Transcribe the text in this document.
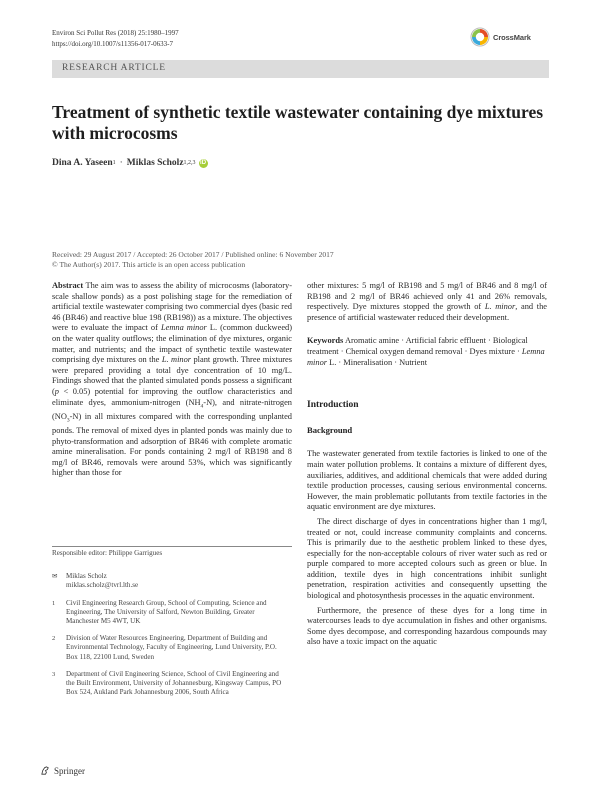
Environ Sci Pollut Res (2018) 25:1980–1997
https://doi.org/10.1007/s11356-017-0633-7
CrossMark
RESEARCH ARTICLE
Treatment of synthetic textile wastewater containing dye mixtures with microcosms
Dina A. Yaseen 1 · Miklas Scholz 1,2,3 iD
Received: 29 August 2017 / Accepted: 26 October 2017 / Published online: 6 November 2017
© The Author(s) 2017. This article is an open access publication

Abstract The aim was to assess the ability of microcosms (laboratory-scale shallow ponds) as a post polishing stage for the remediation of artificial textile wastewater comprising two commercial dyes (basic red 46 (BR46) and reactive blue 198 (RB198)) as a mixture. The objectives were to evaluate the impact of Lemna minor L. (common duckweed) on the water quality outflows; the elimination of dye mixtures, organic matter, and nutrients; and the impact of synthetic textile wastewater comprising dye mixtures on the L. minor plant growth. Three mixtures were prepared providing a total dye concentration of 10 mg/L. Findings showed that the planted simulated ponds possess a significant (p < 0.05) potential for improving the outflow characteristics and eliminate dyes, ammonium-nitrogen $(NH_4-N)$, and nitrate-nitrogen $(NO_3-N)$ in all mixtures compared with the corresponding unplanted ponds. The removal of mixed dyes in planted ponds was mainly due to phyto-transformation and adsorption of BR46 with complete aromatic amine mineralisation. For ponds containing 2 mg/l of RB198 and 8 mg/l of BR46, removals were around 53%, which was significantly higher than those for

Responsible editor: Philippe Garrigues
✉	Miklas Scholz
miklas.scholz@tvrl.lth.se
1	Civil Engineering Research Group, School of Computing, Science and Engineering, The University of Salford, Newton Building, Greater Manchester M5 4WT, UK
2	Division of Water Resources Engineering, Department of Building and Environmental Technology, Faculty of Engineering, Lund University, P.O. Box 118, 22100 Lund, Sweden
3	Department of Civil Engineering Science, School of Civil Engineering and the Built Environment, University of Johannesburg, Kingsway Campus, PO Box 524, Aukland Park Johannesburg 2006, South Africa

other mixtures: 5 mg/l of RB198 and 5 mg/l of BR46 and 8 mg/l of RB198 and 2 mg/l of BR46 achieved only 41 and 26% removals, respectively. Dye mixtures stopped the growth of L. minor, and the presence of artificial wastewater reduced their development.

Keywords Aromatic amine · Artificial fabric effluent · Biological treatment · Chemical oxygen demand removal · Dyes mixture · Lemna minor L. · Mineralisation · Nutrient

Introduction

Background

The wastewater generated from textile factories is linked to one of the main water pollution problems. It contains a mixture of different dyes, auxiliaries, additives, and additional chemicals that were added during textile production processes, causing serious environmental concerns. However, the main problematic pollutants from textile factories in the aquatic environment are dye mixtures.

The direct discharge of dyes in concentrations higher than 1 mg/l, treated or not, could increase community complaints and concerns. This is primarily due to the aesthetic problem linked to these dyes, especially for the non-acceptable colours of river water such as red or purple compared to more accepted colours such as green or blue. In addition, textile dyes in high concentrations inhibit sunlight penetration, respiration activities and consequently upsetting the biological and photosynthesis processes in the aquatic environment.

Furthermore, the presence of these dyes for a long time in watercourses leads to dye accumulation in fishes and other organisms. Some dyes decompose, and corresponding hazardous compounds may also have a toxic impact on the aquatic

Springer
